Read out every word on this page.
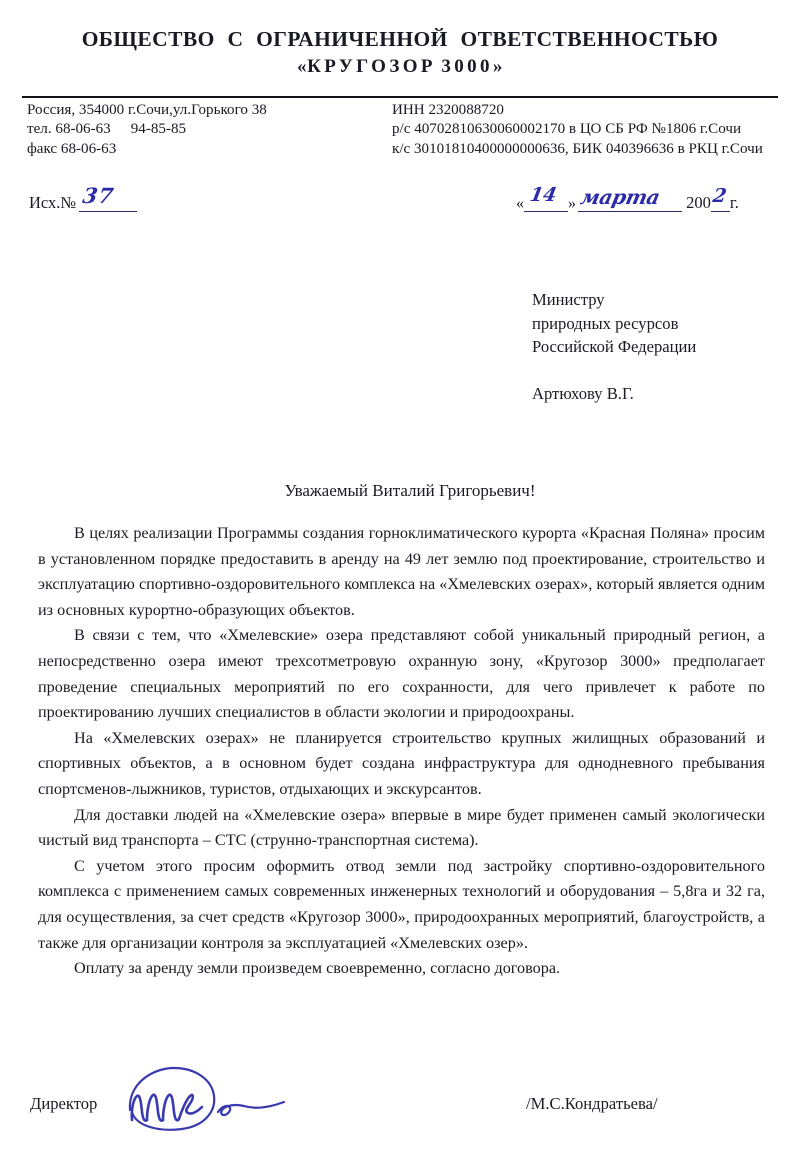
ОБЩЕСТВО С ОГРАНИЧЕННОЙ ОТВЕТСТВЕННОСТЬЮ
«КРУГОЗОР 3000»
Россия, 354000 г.Сочи,ул.Горького 38
тел. 68-06-63 94-85-85
факс 68-06-63
ИНН 2320088720
р/с 40702810630060002170 в ЦО СБ РФ №1806 г.Сочи
к/с 30101810400000000636, БИК 040396636 в РКЦ г.Сочи
Исх.№ 37	« 14 » марта 200 2 г.
Министру
природных ресурсов
Российской Федерации
Артюхову В.Г.
Уважаемый Виталий Григорьевич!

В целях реализации Программы создания горноклиматического курорта «Красная Поляна» просим в установленном порядке предоставить в аренду на 49 лет землю под проектирование, строительство и эксплуатацию спортивно-оздоровительного комплекса на «Хмелевских озерах», который является одним из основных курортно-образующих объектов.

В связи с тем, что «Хмелевские» озера представляют собой уникальный природный регион, а непосредственно озера имеют трехсотметровую охранную зону, «Кругозор 3000» предполагает проведение специальных мероприятий по его сохранности, для чего привлечет к работе по проектированию лучших специалистов в области экологии и природоохраны.

На «Хмелевских озерах» не планируется строительство крупных жилищных образований и спортивных объектов, а в основном будет создана инфраструктура для однодневного пребывания спортсменов-лыжников, туристов, отдыхающих и экскурсантов.

Для доставки людей на «Хмелевские озера» впервые в мире будет применен самый экологически чистый вид транспорта – СТС (струнно-транспортная система).

С учетом этого просим оформить отвод земли под застройку спортивно-оздоровительного комплекса с применением самых современных инженерных технологий и оборудования – 5,8га и 32 га, для осуществления, за счет средств «Кругозор 3000», природоохранных мероприятий, благоустройств, а также для организации контроля за эксплуатацией «Хмелевских озер».

Оплату за аренду земли произведем своевременно, согласно договора.

Директор	/М.С.Кондратьева/
